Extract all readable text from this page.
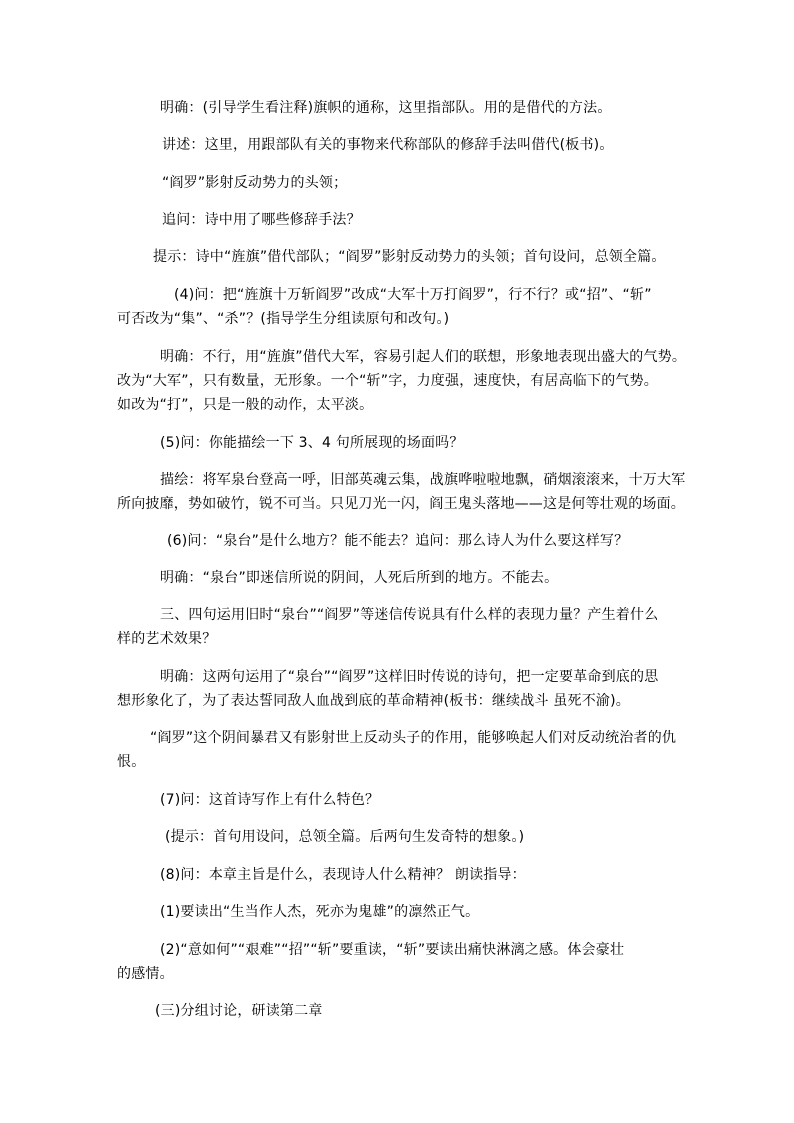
明确：(引导学生看注释)旗帜的通称，这里指部队。用的是借代的方法。
讲述：这里，用跟部队有关的事物来代称部队的修辞手法叫借代(板书)。
“阎罗”影射反动势力的头领；
追问：诗中用了哪些修辞手法？
提示：诗中“旌旗”借代部队；“阎罗”影射反动势力的头领；首句设问，总领全篇。
(4)问：把“旌旗十万斩阎罗”改成“大军十万打阎罗”，行不行？或“招”、“斩”
可否改为“集”、“杀”？(指导学生分组读原句和改句。)
明确：不行，用“旌旗”借代大军，容易引起人们的联想，形象地表现出盛大的气势。
改为“大军”，只有数量，无形象。一个“斩”字，力度强，速度快，有居高临下的气势。
如改为“打”，只是一般的动作，太平淡。
(5)问：你能描绘一下 3、4 句所展现的场面吗？
描绘：将军泉台登高一呼，旧部英魂云集，战旗哗啦啦地飘，硝烟滚滚来，十万大军
所向披靡，势如破竹，锐不可当。只见刀光一闪，阎王鬼头落地——这是何等壮观的场面。
(6)问：“泉台”是什么地方？能不能去？追问：那么诗人为什么要这样写？
明确：“泉台”即迷信所说的阴间，人死后所到的地方。不能去。
三、四句运用旧时“泉台”“阎罗”等迷信传说具有什么样的表现力量？产生着什么
样的艺术效果？
明确：这两句运用了“泉台”“阎罗”这样旧时传说的诗句，把一定要革命到底的思
想形象化了，为了表达誓同敌人血战到底的革命精神(板书：继续战斗 虽死不渝)。
“阎罗”这个阴间暴君又有影射世上反动头子的作用，能够唤起人们对反动统治者的仇
恨。
(7)问：这首诗写作上有什么特色？
(提示：首句用设问，总领全篇。后两句生发奇特的想象。)
(8)问：本章主旨是什么，表现诗人什么精神？ 朗读指导：
(1)要读出“生当作人杰，死亦为鬼雄”的凛然正气。
(2)“意如何”“艰难”“招”“斩”要重读，“斩”要读出痛快淋漓之感。体会豪壮
的感情。
(三)分组讨论，研读第二章
